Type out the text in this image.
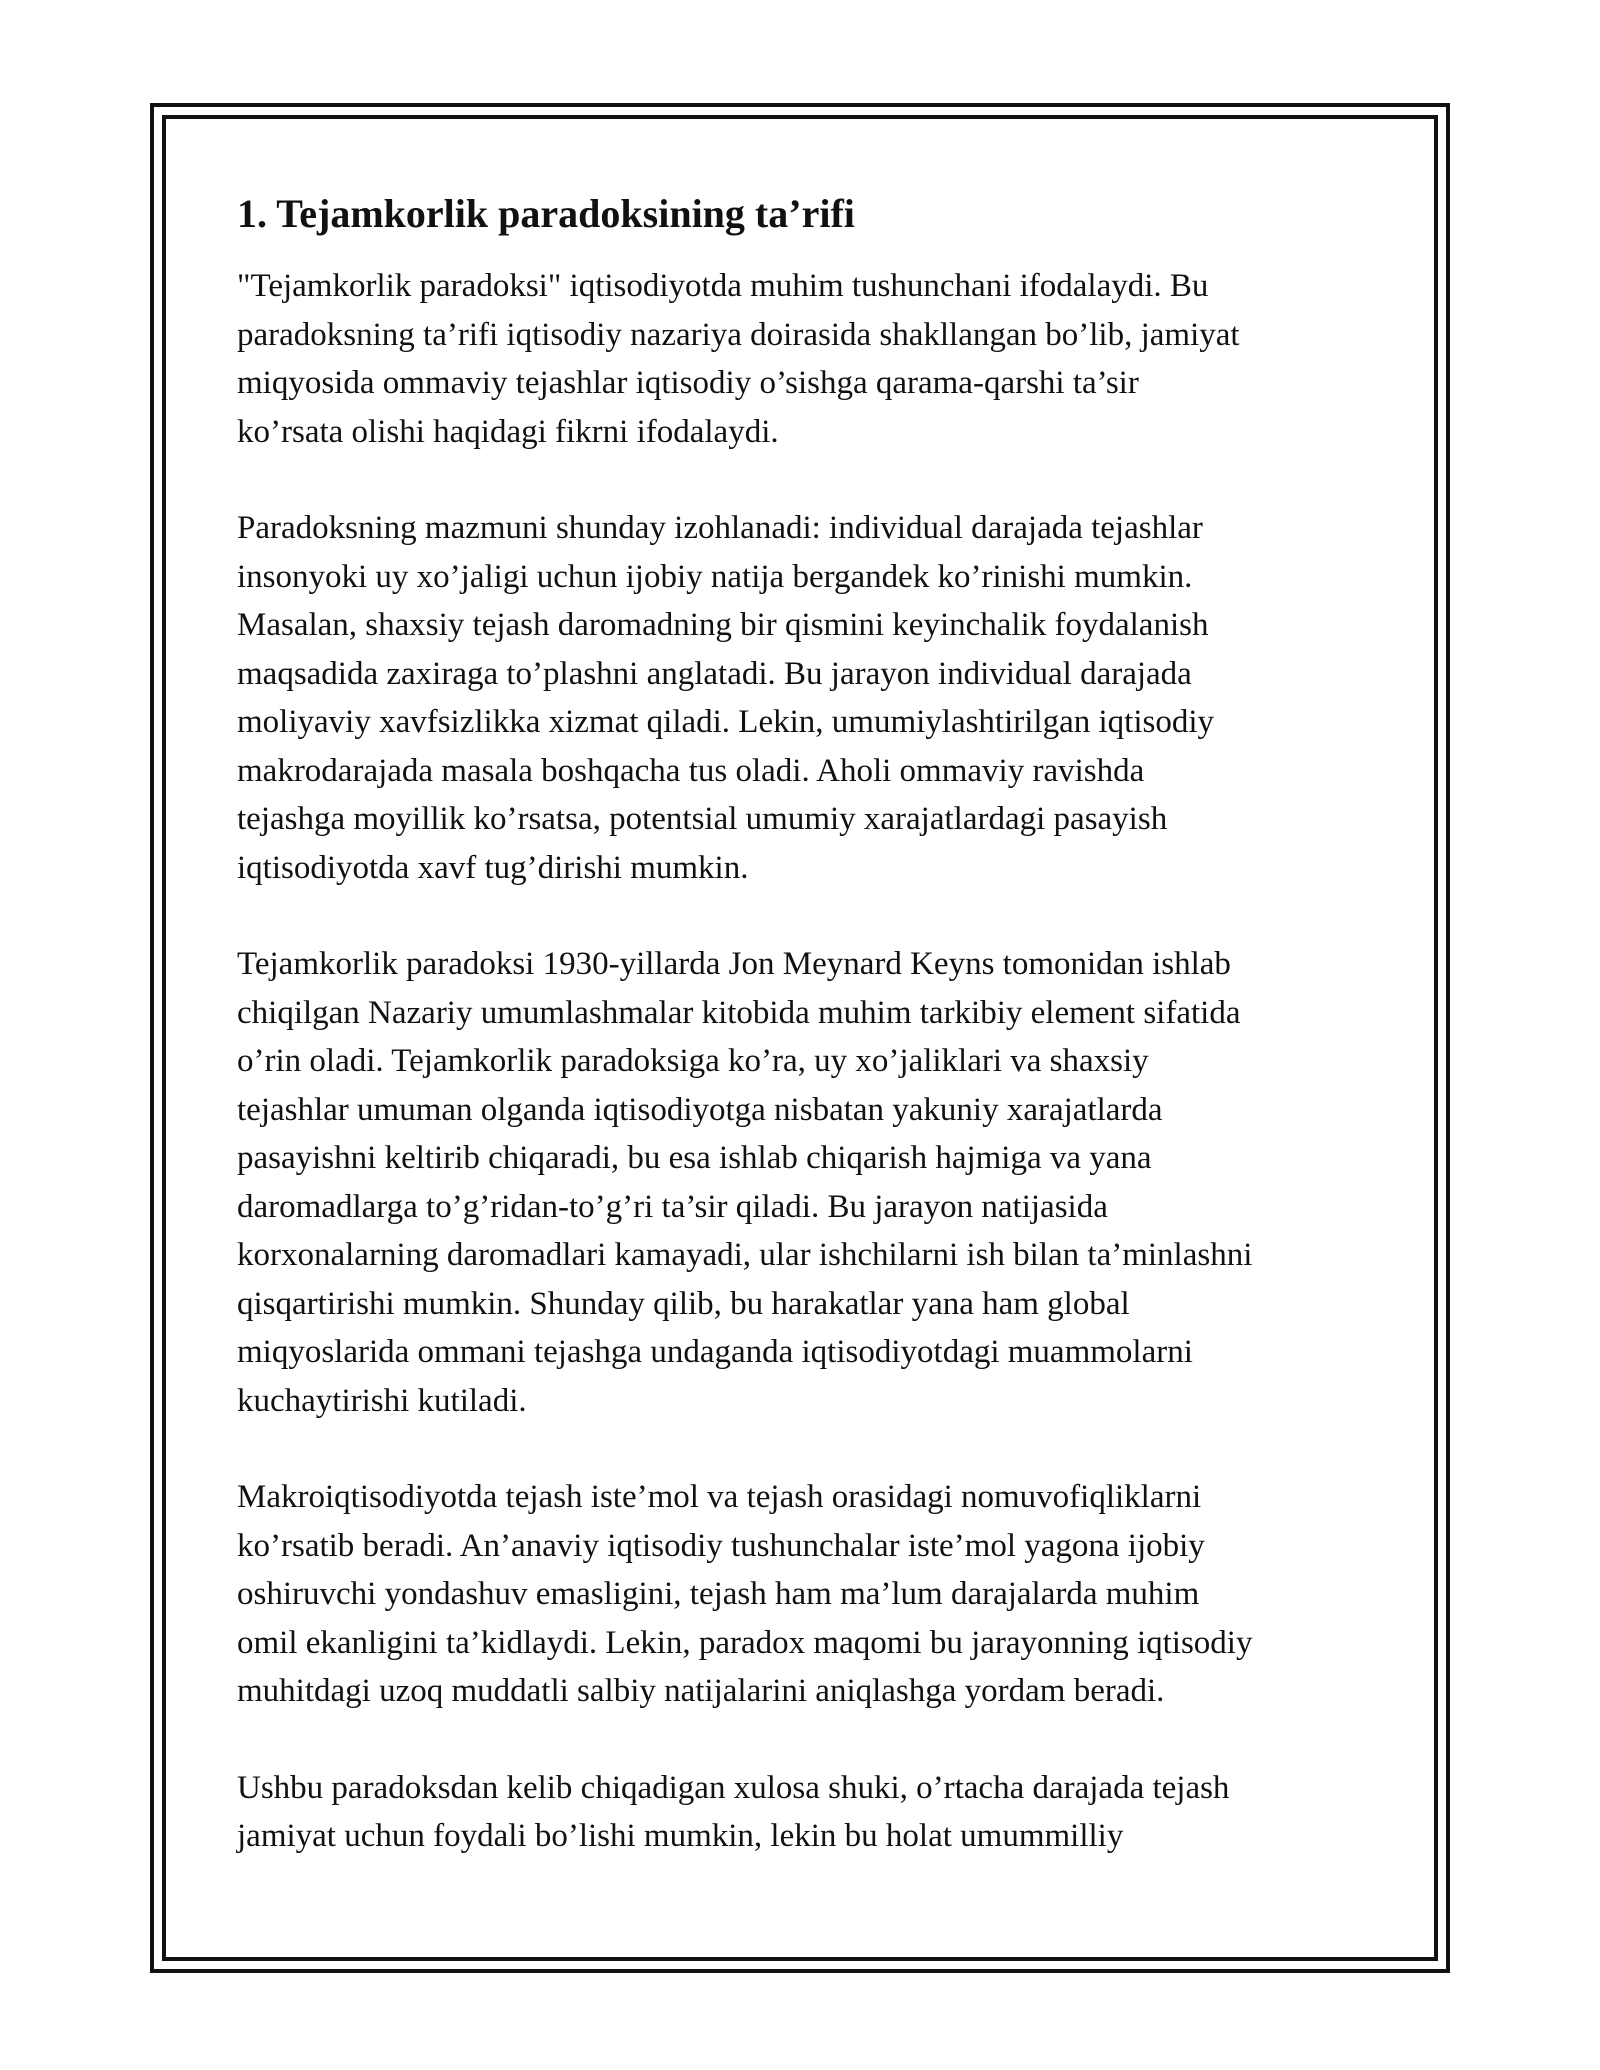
1. Tejamkorlik paradoksining ta’rifi

"Tejamkorlik paradoksi" iqtisodiyotda muhim tushunchani ifodalaydi. Bu
paradoksning ta’rifi iqtisodiy nazariya doirasida shakllangan bo’lib, jamiyat
miqyosida ommaviy tejashlar iqtisodiy o’sishga qarama-qarshi ta’sir
ko’rsata olishi haqidagi fikrni ifodalaydi.

Paradoksning mazmuni shunday izohlanadi: individual darajada tejashlar
insonyoki uy xo’jaligi uchun ijobiy natija bergandek ko’rinishi mumkin.
Masalan, shaxsiy tejash daromadning bir qismini keyinchalik foydalanish
maqsadida zaxiraga to’plashni anglatadi. Bu jarayon individual darajada
moliyaviy xavfsizlikka xizmat qiladi. Lekin, umumiylashtirilgan iqtisodiy
makrodarajada masala boshqacha tus oladi. Aholi ommaviy ravishda
tejashga moyillik ko’rsatsa, potentsial umumiy xarajatlardagi pasayish
iqtisodiyotda xavf tug’dirishi mumkin.

Tejamkorlik paradoksi 1930-yillarda Jon Meynard Keyns tomonidan ishlab
chiqilgan Nazariy umumlashmalar kitobida muhim tarkibiy element sifatida
o’rin oladi. Tejamkorlik paradoksiga ko’ra, uy xo’jaliklari va shaxsiy
tejashlar umuman olganda iqtisodiyotga nisbatan yakuniy xarajatlarda
pasayishni keltirib chiqaradi, bu esa ishlab chiqarish hajmiga va yana
daromadlarga to’g’ridan-to’g’ri ta’sir qiladi. Bu jarayon natijasida
korxonalarning daromadlari kamayadi, ular ishchilarni ish bilan ta’minlashni
qisqartirishi mumkin. Shunday qilib, bu harakatlar yana ham global
miqyoslarida ommani tejashga undaganda iqtisodiyotdagi muammolarni
kuchaytirishi kutiladi.

Makroiqtisodiyotda tejash iste’mol va tejash orasidagi nomuvofiqliklarni
ko’rsatib beradi. An’anaviy iqtisodiy tushunchalar iste’mol yagona ijobiy
oshiruvchi yondashuv emasligini, tejash ham ma’lum darajalarda muhim
omil ekanligini ta’kidlaydi. Lekin, paradox maqomi bu jarayonning iqtisodiy
muhitdagi uzoq muddatli salbiy natijalarini aniqlashga yordam beradi.

Ushbu paradoksdan kelib chiqadigan xulosa shuki, o’rtacha darajada tejash
jamiyat uchun foydali bo’lishi mumkin, lekin bu holat umummilliy
